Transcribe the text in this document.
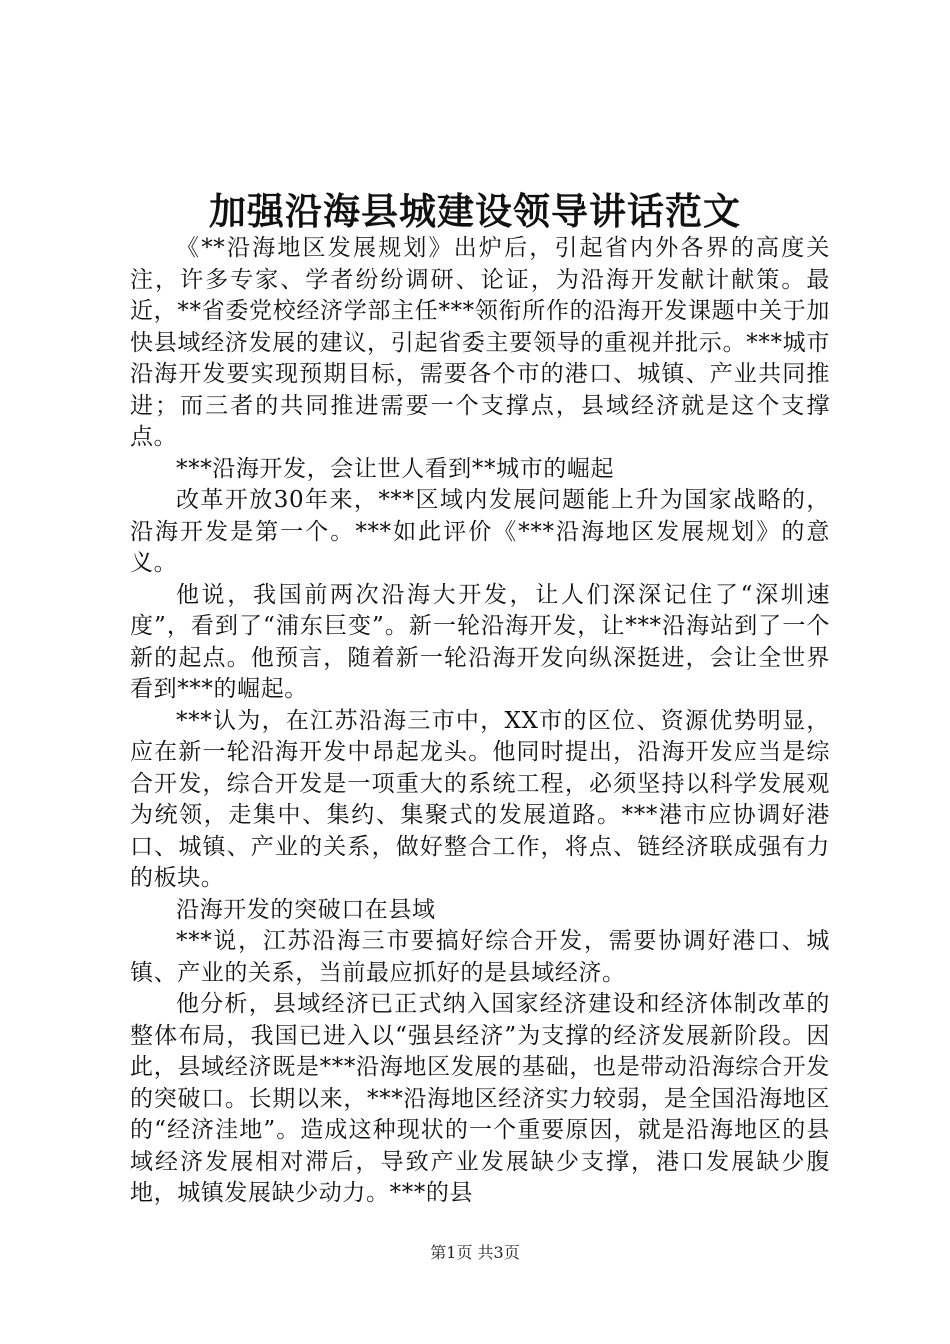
加强沿海县城建设领导讲话范文

《**沿海地区发展规划》出炉后，引起省内外各界的高度关注，许多专家、学者纷纷调研、论证，为沿海开发献计献策。最近，**省委党校经济学部主任***领衔所作的沿海开发课题中关于加快县域经济发展的建议，引起省委主要领导的重视并批示。***城市沿海开发要实现预期目标，需要各个市的港口、城镇、产业共同推进；而三者的共同推进需要一个支撑点，县域经济就是这个支撑点。

***沿海开发，会让世人看到**城市的崛起

改革开放30年来，***区域内发展问题能上升为国家战略的，沿海开发是第一个。***如此评价《***沿海地区发展规划》的意义。

他说，我国前两次沿海大开发，让人们深深记住了“深圳速度”，看到了“浦东巨变”。新一轮沿海开发，让***沿海站到了一个新的起点。他预言，随着新一轮沿海开发向纵深挺进，会让全世界看到***的崛起。

***认为，在江苏沿海三市中，XX市的区位、资源优势明显，应在新一轮沿海开发中昂起龙头。他同时提出，沿海开发应当是综合开发，综合开发是一项重大的系统工程，必须坚持以科学发展观为统领，走集中、集约、集聚式的发展道路。***港市应协调好港口、城镇、产业的关系，做好整合工作，将点、链经济联成强有力的板块。

沿海开发的突破口在县域

***说，江苏沿海三市要搞好综合开发，需要协调好港口、城镇、产业的关系，当前最应抓好的是县域经济。

他分析，县域经济已正式纳入国家经济建设和经济体制改革的整体布局，我国已进入以“强县经济”为支撑的经济发展新阶段。因此，县域经济既是***沿海地区发展的基础，也是带动沿海综合开发的突破口。长期以来，***沿海地区经济实力较弱，是全国沿海地区的“经济洼地”。造成这种现状的一个重要原因，就是沿海地区的县域经济发展相对滞后，导致产业发展缺少支撑，港口发展缺少腹地，城镇发展缺少动力。***的县

第1页 共3页
